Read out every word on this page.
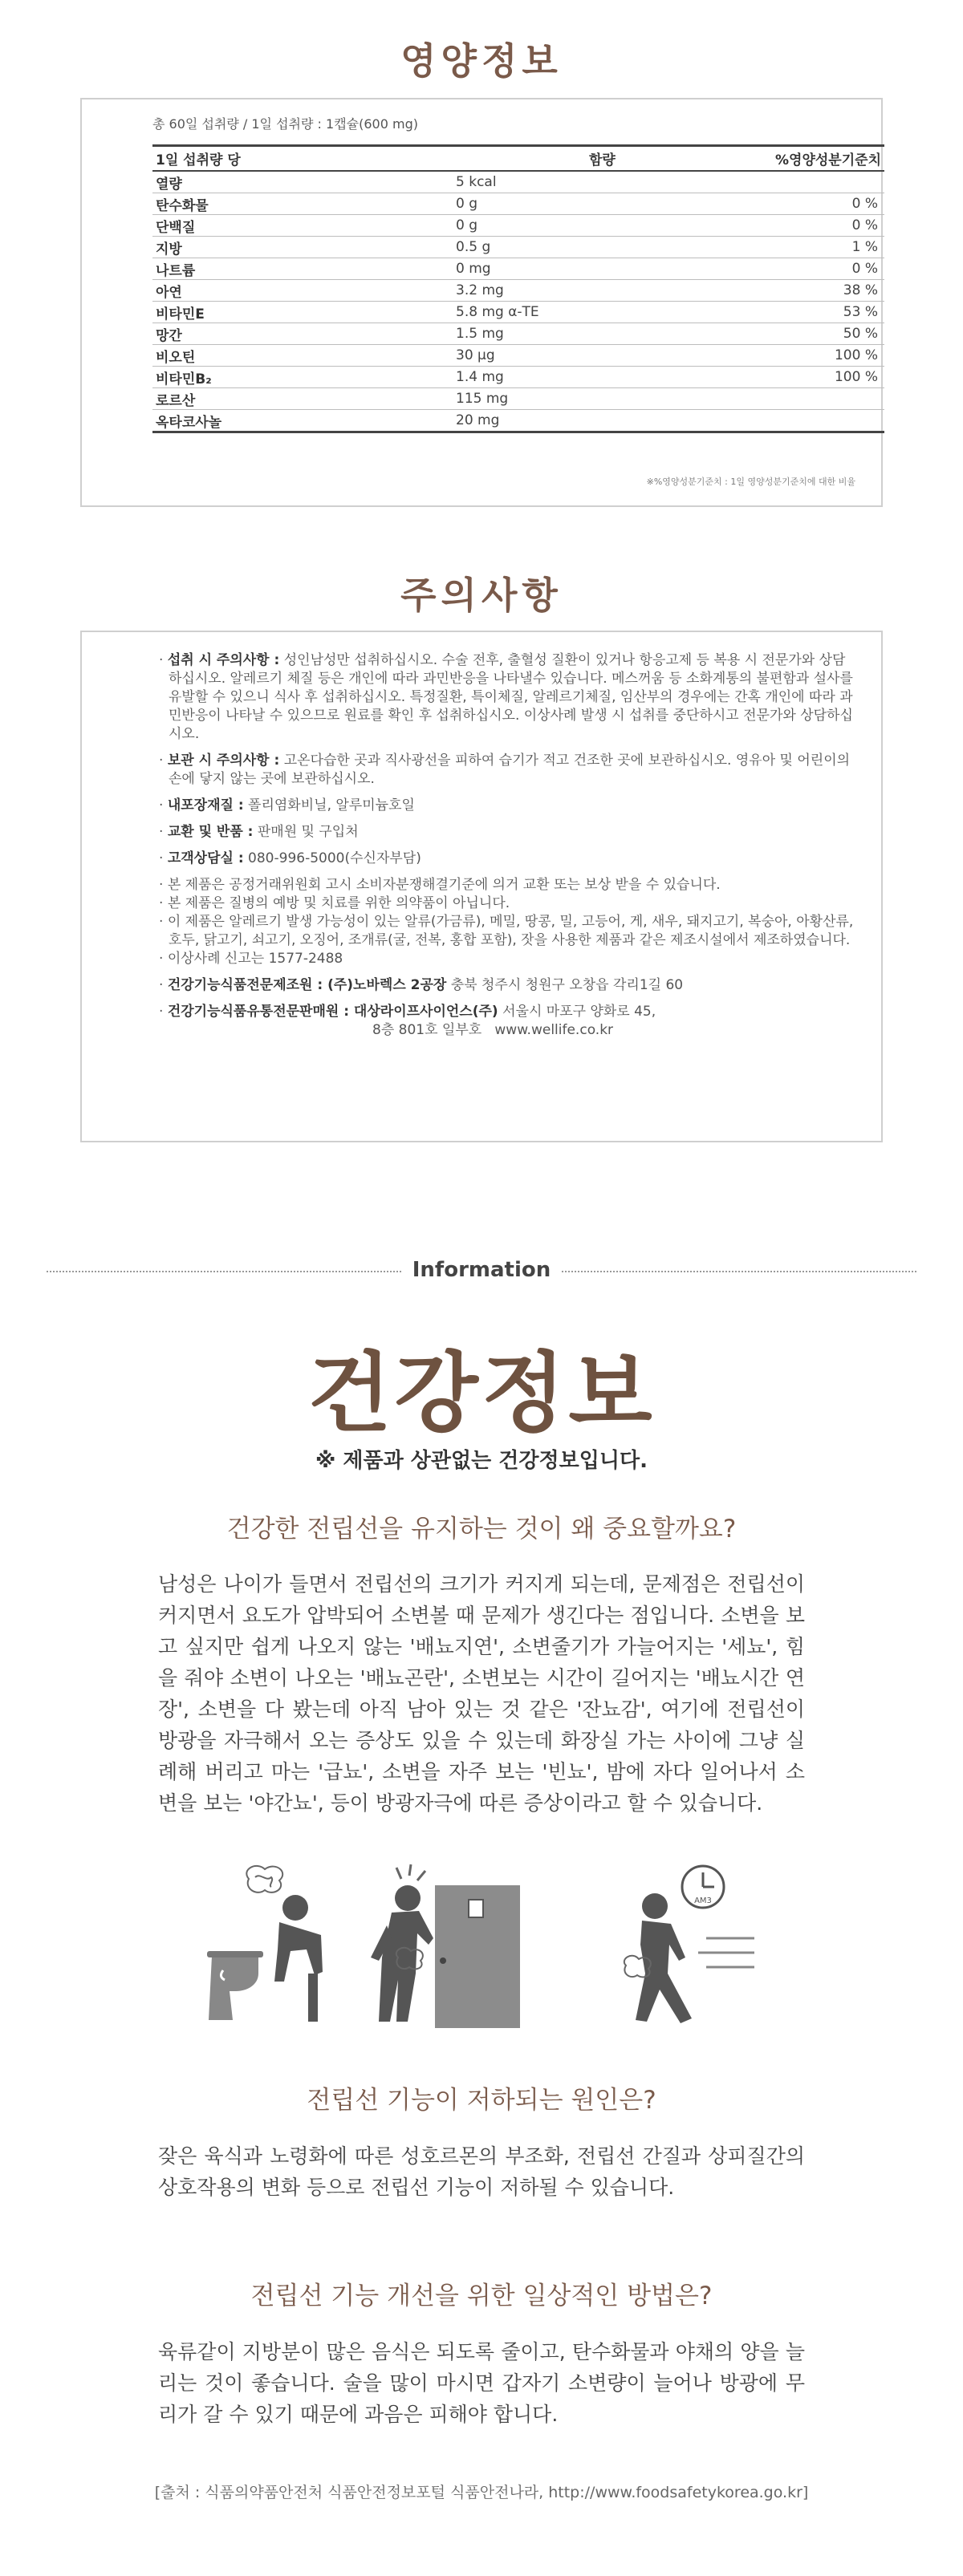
영양정보
총 60일 섭취량 / 1일 섭취량 : 1캡슐(600 mg)
1일 섭취량 당	함량	%영양성분기준치
열량	5 kcal	
탄수화물	0 g	0 %
단백질	0 g	0 %
지방	0.5 g	1 %
나트륨	0 mg	0 %
아연	3.2 mg	38 %
비타민E	5.8 mg α-TE	53 %
망간	1.5 mg	50 %
비오틴	30 μg	100 %
비타민B₂	1.4 mg	100 %
로르산	115 mg	
옥타코사놀	20 mg	
※%영양성분기준치 : 1일 영양성분기준치에 대한 비율
주의사항

· 섭취 시 주의사항 : 성인남성만 섭취하십시오. 수술 전후, 출혈성 질환이 있거나 항응고제 등 복용 시 전문가와 상담하십시오. 알레르기 체질 등은 개인에 따라 과민반응을 나타낼수 있습니다. 메스꺼움 등 소화계통의 불편함과 설사를 유발할 수 있으니 식사 후 섭취하십시오. 특정질환, 특이체질, 알레르기체질, 임산부의 경우에는 간혹 개인에 따라 과민반응이 나타날 수 있으므로 원료를 확인 후 섭취하십시오. 이상사례 발생 시 섭취를 중단하시고 전문가와 상담하십시오.

· 보관 시 주의사항 : 고온다습한 곳과 직사광선을 피하여 습기가 적고 건조한 곳에 보관하십시오. 영유아 및 어린이의 손에 닿지 않는 곳에 보관하십시오.

· 내포장재질 : 폴리염화비닐, 알루미늄호일

· 교환 및 반품 : 판매원 및 구입처

· 고객상담실 : 080-996-5000(수신자부담)

· 본 제품은 공정거래위원회 고시 소비자분쟁해결기준에 의거 교환 또는 보상 받을 수 있습니다.

· 본 제품은 질병의 예방 및 치료를 위한 의약품이 아닙니다.

· 이 제품은 알레르기 발생 가능성이 있는 알류(가금류), 메밀, 땅콩, 밀, 고등어, 게, 새우, 돼지고기, 복숭아, 아황산류, 호두, 닭고기, 쇠고기, 오징어, 조개류(굴, 전복, 홍합 포함), 잣을 사용한 제품과 같은 제조시설에서 제조하였습니다.

· 이상사례 신고는 1577-2488

· 건강기능식품전문제조원 : (주)노바렉스 2공장 충북 청주시 청원구 오창읍 각리1길 60

· 건강기능식품유통전문판매원 : 대상라이프사이언스(주) 서울시 마포구 양화로 45,

8층 801호 일부호 www.wellife.co.kr

Information
건강정보
※ 제품과 상관없는 건강정보입니다.
건강한 전립선을 유지하는 것이 왜 중요할까요?
남성은 나이가 들면서 전립선의 크기가 커지게 되는데, 문제점은 전립선이 커지면서 요도가 압박되어 소변볼 때 문제가 생긴다는 점입니다. 소변을 보고 싶지만 쉽게 나오지 않는 '배뇨지연', 소변줄기가 가늘어지는 '세뇨', 힘을 줘야 소변이 나오는 '배뇨곤란', 소변보는 시간이 길어지는 '배뇨시간 연장', 소변을 다 봤는데 아직 남아 있는 것 같은 '잔뇨감', 여기에 전립선이 방광을 자극해서 오는 증상도 있을 수 있는데 화장실 가는 사이에 그냥 실례해 버리고 마는 '급뇨', 소변을 자주 보는 '빈뇨', 밤에 자다 일어나서 소변을 보는 '야간뇨', 등이 방광자극에 따른 증상이라고 할 수 있습니다.
AM3
전립선 기능이 저하되는 원인은?
잦은 육식과 노령화에 따른 성호르몬의 부조화, 전립선 간질과 상피질간의 상호작용의 변화 등으로 전립선 기능이 저하될 수 있습니다.
전립선 기능 개선을 위한 일상적인 방법은?
육류같이 지방분이 많은 음식은 되도록 줄이고, 탄수화물과 야채의 양을 늘리는 것이 좋습니다. 술을 많이 마시면 갑자기 소변량이 늘어나 방광에 무리가 갈 수 있기 때문에 과음은 피해야 합니다.
[출처 : 식품의약품안전처 식품안전정보포털 식품안전나라, http://www.foodsafetykorea.go.kr]
